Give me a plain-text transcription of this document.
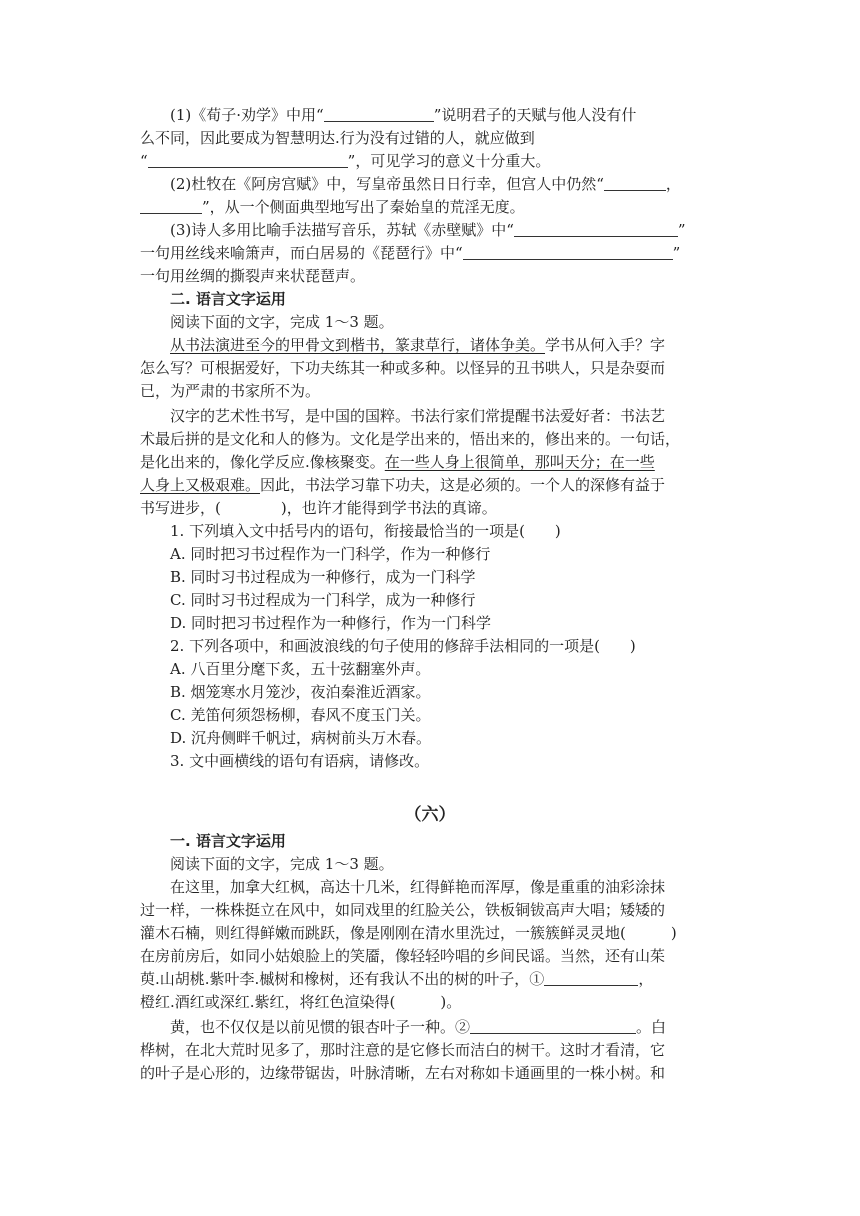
(1)《荀子·劝学》中用“	”说明君子的天赋与他人没有什
么不同，因此要成为智慧明达.行为没有过错的人，就应做到
“	”，可见学习的意义十分重大。
(2)杜牧在《阿房宫赋》中，写皇帝虽然日日行幸，但宫人中仍然“	，
”，从一个侧面典型地写出了秦始皇的荒淫无度。
(3)诗人多用比喻手法描写音乐，苏轼《赤壁赋》中“	”
一句用丝线来喻箫声，而白居易的《琵琶行》中“	”
一句用丝绸的撕裂声来状琵琶声。
二. 语言文字运用
阅读下面的文字，完成 1～3 题。
从书法演进至今的甲骨文到楷书，篆隶草行，诸体争美。学书从何入手？字
怎么写？可根据爱好，下功夫练其一种或多种。以怪异的丑书哄人，只是杂耍而
已，为严肃的书家所不为。
汉字的艺术性书写，是中国的国粹。书法行家们常提醒书法爱好者：书法艺
术最后拼的是文化和人的修为。文化是学出来的，悟出来的，修出来的。一句话，
是化出来的，像化学反应.像核聚变。在一些人身上很简单，那叫天分；在一些
人身上又极艰难。因此，书法学习靠下功夫，这是必须的。一个人的深修有益于
书写进步，(　　　　)，也许才能得到学书法的真谛。
1. 下列填入文中括号内的语句，衔接最恰当的一项是(　　)
A. 同时把习书过程作为一门科学，作为一种修行
B. 同时习书过程成为一种修行，成为一门科学
C. 同时习书过程成为一门科学，成为一种修行
D. 同时把习书过程作为一种修行，作为一门科学
2. 下列各项中，和画波浪线的句子使用的修辞手法相同的一项是(　　)
A. 八百里分麾下炙，五十弦翻塞外声。
B. 烟笼寒水月笼沙，夜泊秦淮近酒家。
C. 羌笛何须怨杨柳，春风不度玉门关。
D. 沉舟侧畔千帆过，病树前头万木春。
3. 文中画横线的语句有语病，请修改。
（六）
一. 语言文字运用
阅读下面的文字，完成 1～3 题。
在这里，加拿大红枫，高达十几米，红得鲜艳而浑厚，像是重重的油彩涂抹
过一样，一株株挺立在风中，如同戏里的红脸关公，铁板铜钹高声大唱；矮矮的
灌木石楠，则红得鲜嫩而跳跃，像是刚刚在清水里洗过，一簇簇鲜灵灵地(　　　)
在房前房后，如同小姑娘脸上的笑靥，像轻轻吟唱的乡间民谣。当然，还有山茱
萸.山胡桃.紫叶李.槭树和橡树，还有我认不出的树的叶子，①	，
橙红.酒红或深红.紫红，将红色渲染得(　　　)。
黄，也不仅仅是以前见惯的银杏叶子一种。②	。白
桦树，在北大荒时见多了，那时注意的是它修长而洁白的树干。这时才看清，它
的叶子是心形的，边缘带锯齿，叶脉清晰，左右对称如卡通画里的一株小树。和
